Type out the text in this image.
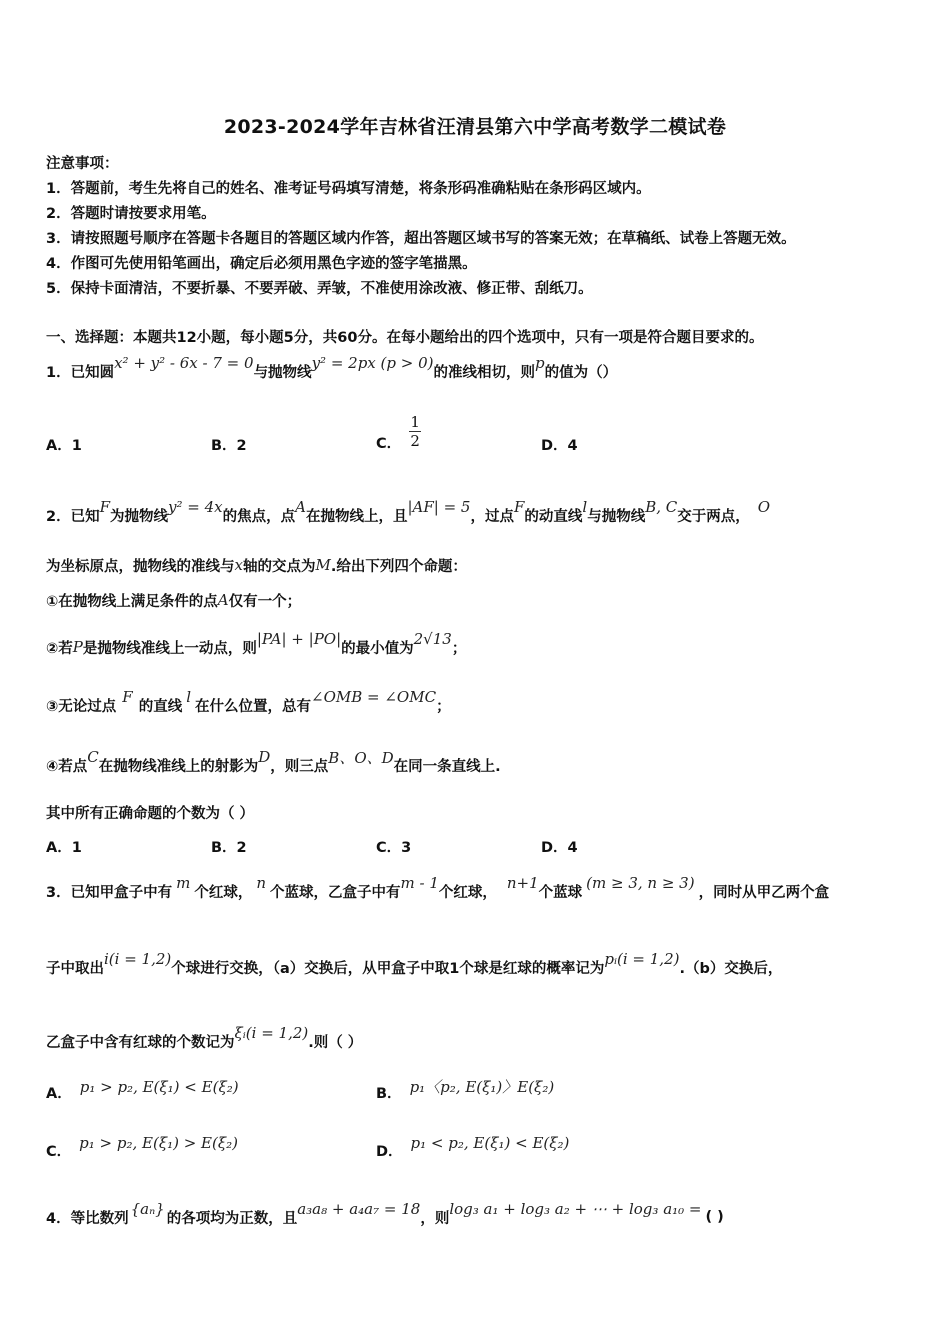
2023-2024学年吉林省汪清县第六中学高考数学二模试卷
注意事项：
1．答题前，考生先将自己的姓名、准考证号码填写清楚，将条形码准确粘贴在条形码区域内。
2．答题时请按要求用笔。
3．请按照题号顺序在答题卡各题目的答题区域内作答，超出答题区域书写的答案无效；在草稿纸、试卷上答题无效。
4．作图可先使用铅笔画出，确定后必须用黑色字迹的签字笔描黑。
5．保持卡面清洁，不要折暴、不要弄破、弄皱，不准使用涂改液、修正带、刮纸刀。
一、选择题：本题共12小题，每小题5分，共60分。在每小题给出的四个选项中，只有一项是符合题目要求的。
1．已知圆
x² + y² - 6x - 7 = 0
与抛物线
y² = 2px (p > 0)
的准线相切，则
p
的值为（）
A．1	B．2	C． $\frac{1}{2}$	D．4
2．已知
F
为抛物线
y² = 4x
的焦点，点
A
在抛物线上，且
|AF| = 5
，过点
F
的动直线
l
与抛物线
B, C
交于两点，
O
为坐标原点，抛物线的准线与 x 轴的交点为 M .给出下列四个命题：
①在抛物线上满足条件的点 A 仅有一个；
②若 P 是抛物线准线上一动点，则
|PA| + |PO|
的最小值为
2√13
；
③无论过点
F
的直线
l
在什么位置，总有
∠OMB = ∠OMC
；
④若点
C
在抛物线准线上的射影为
D
，则三点 B、O、D 在同一条直线上.
其中所有正确命题的个数为（ ）
A．1	B．2	C．3	D．4
3．已知甲盒子中有
m
个红球，
n
个蓝球，乙盒子中有
m - 1
个红球，
n+1
个蓝球
(m ≥ 3, n ≥ 3)
，同时从甲乙两个盒
子中取出
i(i = 1,2)
个球进行交换，（a）交换后，从甲盒子中取1个球是红球的概率记为
pᵢ(i = 1,2)
.（b）交换后，
乙盒子中含有红球的个数记为
ξᵢ(i = 1,2)
.则（ ）
A． p₁ > p₂, E(ξ₁) < E(ξ₂)	B． p₁〈p₂, E(ξ₁)〉E(ξ₂)
C．
p₁ > p₂, E(ξ₁) > E(ξ₂)
D．
p₁ < p₂, E(ξ₁) < E(ξ₂)
4．等比数列
{aₙ}
的各项均为正数，且
a₃a₈ + a₄a₇ = 18
，则
log₃ a₁ + log₃ a₂ + ⋯ + log₃ a₁₀ = ( )
